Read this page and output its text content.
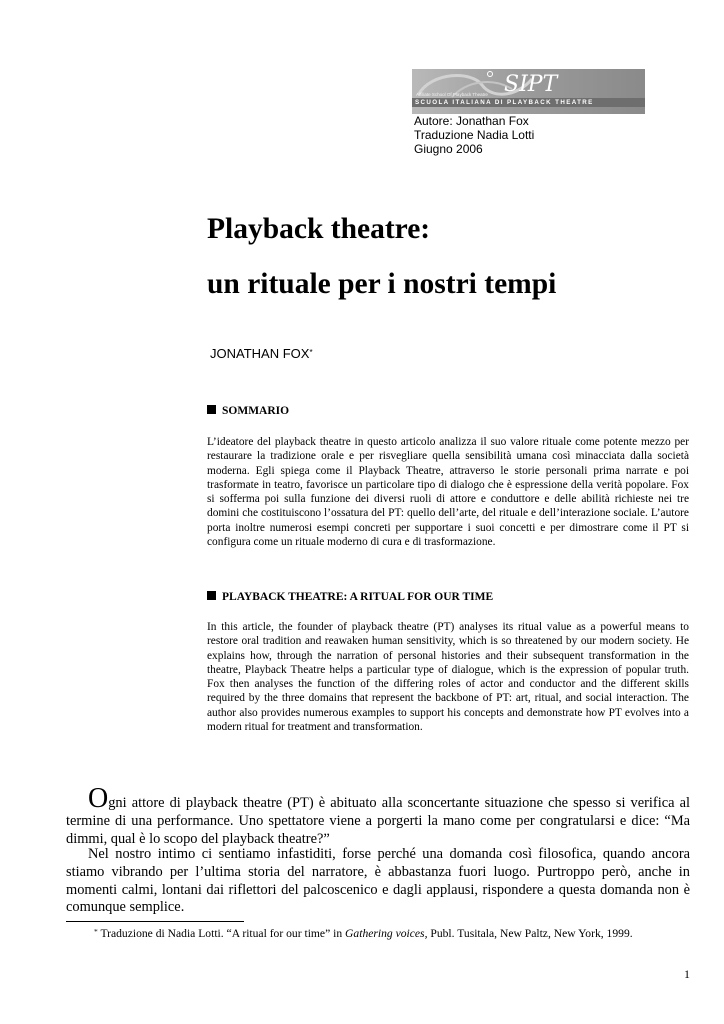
SIPT
Affiliate School Of Playback Theatre
SCUOLA ITALIANA DI PLAYBACK THEATRE
Autore: Jonathan Fox
Traduzione Nadia Lotti
Giugno 2006
Playback theatre:
un rituale per i nostri tempi
JONATHAN FOX*
SOMMARIO

L’ideatore del playback theatre in questo articolo analizza il suo valore rituale come potente mezzo per restaurare la tradizione orale e per risvegliare quella sensibilità umana così minacciata dalla società moderna. Egli spiega come il Playback Theatre, attraverso le storie personali prima narrate e poi trasformate in teatro, favorisce un particolare tipo di dialogo che è espressione della verità popolare. Fox si sofferma poi sulla funzione dei diversi ruoli di attore e conduttore e delle abilità richieste nei tre domini che costituiscono l’ossatura del PT: quello dell’arte, del rituale e dell’interazione sociale. L’autore porta inoltre numerosi esempi concreti per supportare i suoi concetti e per dimostrare come il PT si configura come un rituale moderno di cura e di trasformazione.

PLAYBACK THEATRE: A RITUAL FOR OUR TIME

In this article, the founder of playback theatre (PT) analyses its ritual value as a powerful means to restore oral tradition and reawaken human sensitivity, which is so threatened by our modern society. He explains how, through the narration of personal histories and their subsequent transformation in the theatre, Playback Theatre helps a particular type of dialogue, which is the expression of popular truth. Fox then analyses the function of the differing roles of actor and conductor and the different skills required by the three domains that represent the backbone of PT: art, ritual, and social interaction. The author also provides numerous examples to support his concepts and demonstrate how PT evolves into a modern ritual for treatment and transformation.

Ogni attore di playback theatre (PT) è abituato alla sconcertante situazione che spesso si verifica al termine di una performance. Uno spettatore viene a porgerti la mano come per congratularsi e dice: “Ma dimmi, qual è lo scopo del playback theatre?”

Nel nostro intimo ci sentiamo infastiditi, forse perché una domanda così filosofica, quando ancora stiamo vibrando per l’ultima storia del narratore, è abbastanza fuori luogo. Purtroppo però, anche in momenti calmi, lontani dai riflettori del palcoscenico e dagli applausi, rispondere a questa domanda non è comunque semplice.

* Traduzione di Nadia Lotti. “A ritual for our time” in Gathering voices, Publ. Tusitala, New Paltz, New York, 1999.
1
